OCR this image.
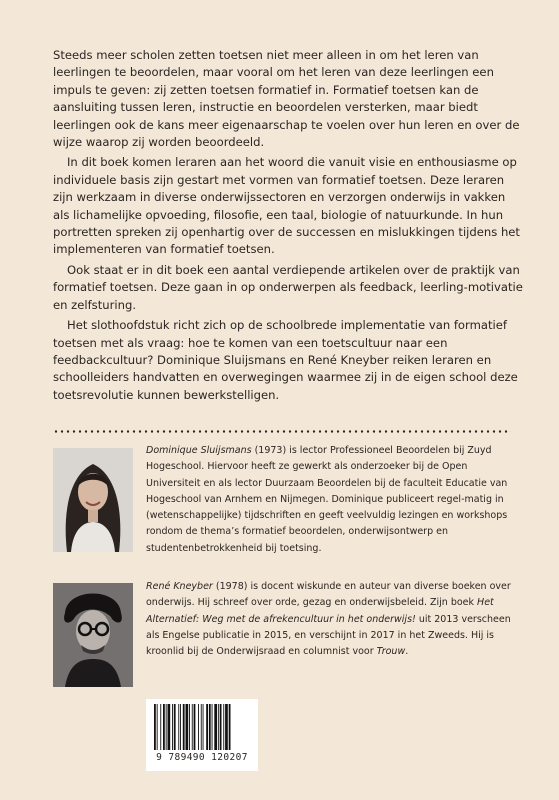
Steeds meer scholen zetten toetsen niet meer alleen in om het leren van leerlingen te beoordelen, maar vooral om het leren van deze leerlingen een impuls te geven: zij zetten toetsen formatief in. Formatief toetsen kan de aansluiting tussen leren, instructie en beoordelen versterken, maar biedt leerlingen ook de kans meer eigenaarschap te voelen over hun leren en over de wijze waarop zij worden beoordeeld.

In dit boek komen leraren aan het woord die vanuit visie en enthousiasme op individuele basis zijn gestart met vormen van formatief toetsen. Deze leraren zijn werkzaam in diverse onderwijssectoren en verzorgen onderwijs in vakken als lichamelijke opvoeding, filosofie, een taal, biologie of natuurkunde. In hun portretten spreken zij openhartig over de successen en mislukkingen tijdens het implementeren van formatief toetsen.

Ook staat er in dit boek een aantal verdiepende artikelen over de praktijk van formatief toetsen. Deze gaan in op onderwerpen als feedback, leerling-motivatie en zelfsturing.

Het slothoofdstuk richt zich op de schoolbrede implementatie van formatief toetsen met als vraag: hoe te komen van een toetscultuur naar een feedbackcultuur? Dominique Sluijsmans en René Kneyber reiken leraren en schoolleiders handvatten en overwegingen waarmee zij in de eigen school deze toetsrevolutie kunnen bewerkstelligen.

Dominique Sluijsmans (1973) is lector Professioneel Beoordelen bij Zuyd Hogeschool. Hiervoor heeft ze gewerkt als onderzoeker bij de Open Universiteit en als lector Duurzaam Beoordelen bij de faculteit Educatie van Hogeschool van Arnhem en Nijmegen. Dominique publiceert regel-matig in (wetenschappelijke) tijdschriften en geeft veelvuldig lezingen en workshops rondom de thema’s formatief beoordelen, onderwijsontwerp en studentenbetrokkenheid bij toetsing.
René Kneyber (1978) is docent wiskunde en auteur van diverse boeken over onderwijs. Hij schreef over orde, gezag en onderwijsbeleid. Zijn boek Het Alternatief: Weg met de afrekencultuur in het onderwijs! uit 2013 verscheen als Engelse publicatie in 2015, en verschijnt in 2017 in het Zweeds. Hij is kroonlid bij de Onderwijsraad en columnist voor Trouw.
9 789490 120207
